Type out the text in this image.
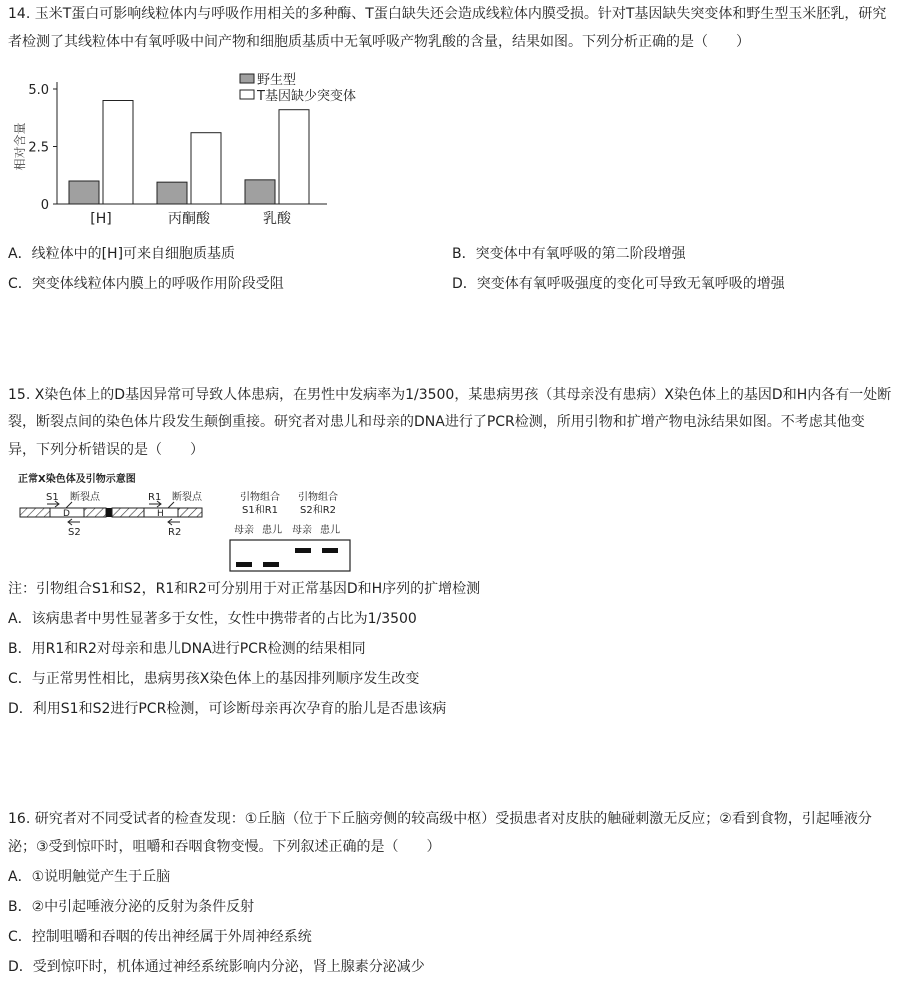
14. 玉米T蛋白可影响线粒体内与呼吸作用相关的多种酶、T蛋白缺失还会造成线粒体内膜受损。针对T基因缺失突变体和野生型玉米胚乳，研究
者检测了其线粒体中有氧呼吸中间产物和细胞质基质中无氧呼吸产物乳酸的含量，结果如图。下列分析正确的是（　　）
0
2.5
5.0
相对含量
[H]	丙酮酸	乳酸
野生型
T基因缺少突变体
A．线粒体中的[H]可来自细胞质基质	B．突变体中有氧呼吸的第二阶段增强
C．突变体线粒体内膜上的呼吸作用阶段受阻	D．突变体有氧呼吸强度的变化可导致无氧呼吸的增强
15. X染色体上的D基因异常可导致人体患病，在男性中发病率为1/3500，某患病男孩（其母亲没有患病）X染色体上的基因D和H内各有一处断
裂，断裂点间的染色体片段发生颠倒重接。研究者对患儿和母亲的DNA进行了PCR检测，所用引物和扩增产物电泳结果如图。不考虑其他变
异，下列分析错误的是（　　）
正常X染色体及引物示意图
S1 断裂点	R1 断裂点
D	H
S2	R2
引物组合
S1和R1
引物组合
S2和R2
母亲 患儿 母亲 患儿
注：引物组合S1和S2，R1和R2可分别用于对正常基因D和H序列的扩增检测
A．该病患者中男性显著多于女性，女性中携带者的占比为1/3500
B．用R1和R2对母亲和患儿DNA进行PCR检测的结果相同
C．与正常男性相比，患病男孩X染色体上的基因排列顺序发生改变
D．利用S1和S2进行PCR检测，可诊断母亲再次孕育的胎儿是否患该病
16. 研究者对不同受试者的检查发现：①丘脑（位于下丘脑旁侧的较高级中枢）受损患者对皮肤的触碰刺激无反应；②看到食物，引起唾液分
泌；③受到惊吓时，咀嚼和吞咽食物变慢。下列叙述正确的是（　　）
A．①说明触觉产生于丘脑
B．②中引起唾液分泌的反射为条件反射
C．控制咀嚼和吞咽的传出神经属于外周神经系统
D．受到惊吓时，机体通过神经系统影响内分泌，肾上腺素分泌减少
